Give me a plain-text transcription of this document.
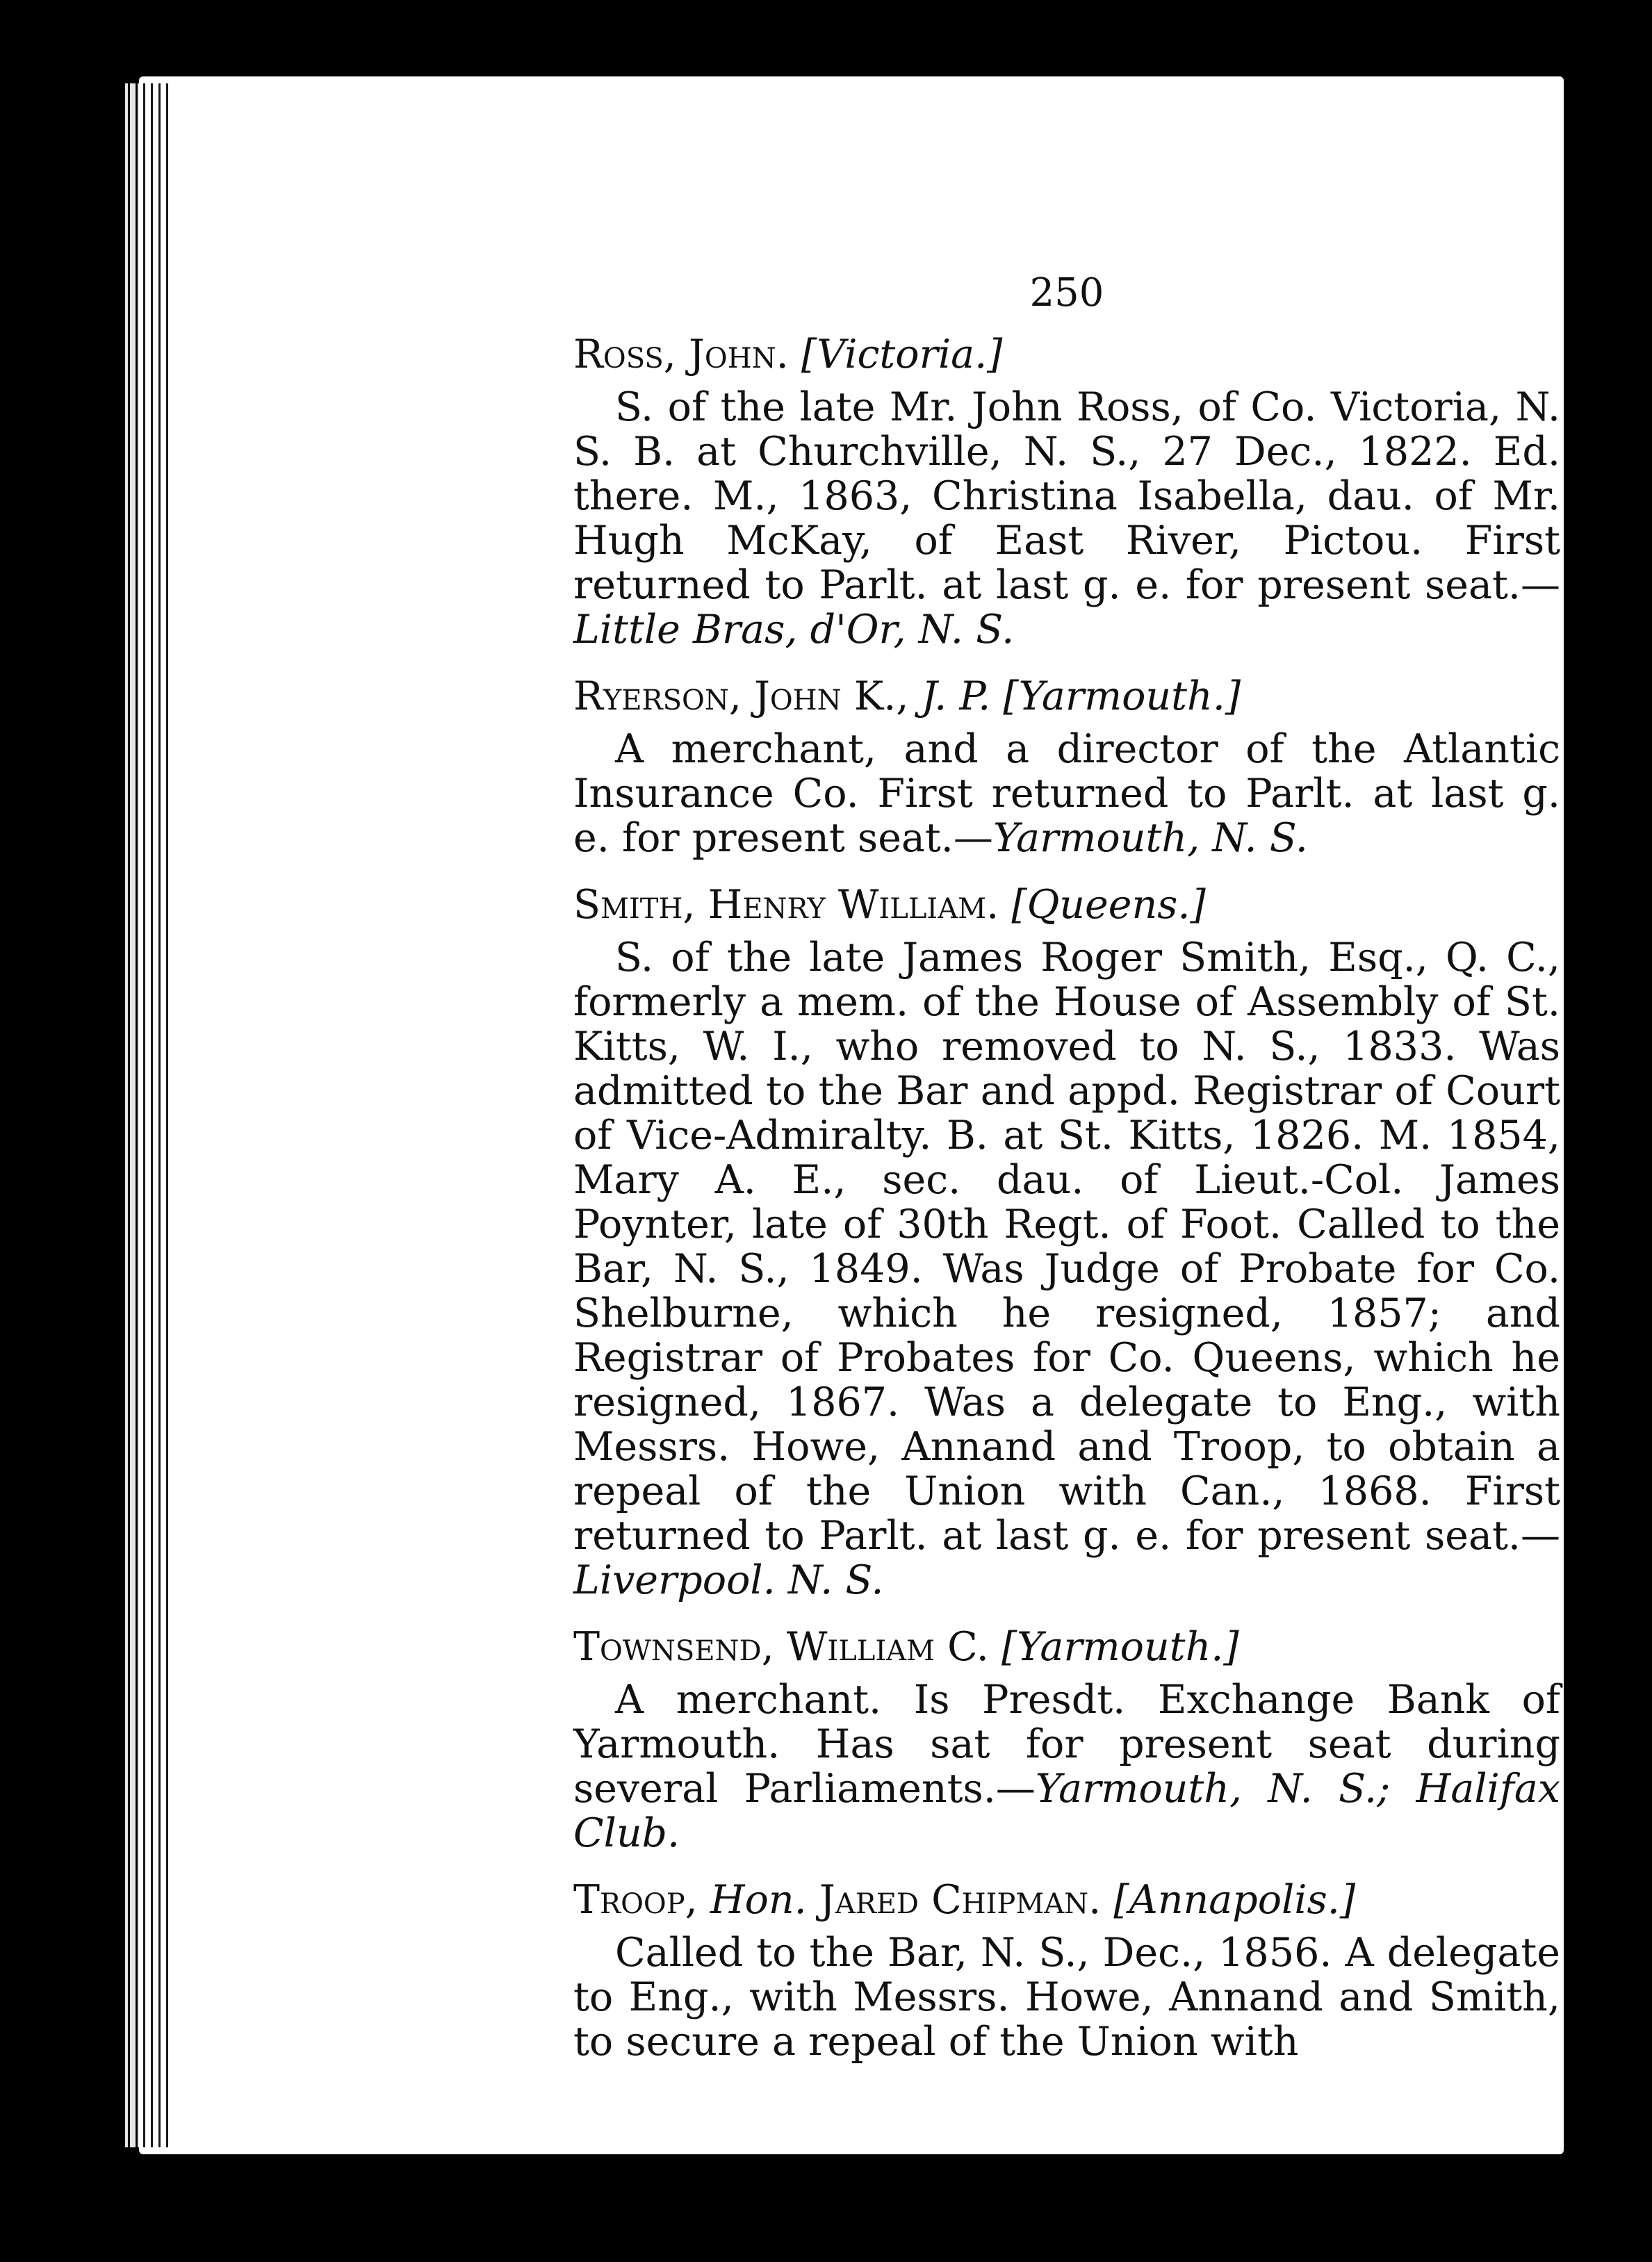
250
Ross, John. [Victoria.]
S. of the late Mr. John Ross, of Co. Victoria, N. S. B. at Churchville, N. S., 27 Dec., 1822. Ed. there. M., 1863, Christina Isabella, dau. of Mr. Hugh McKay, of East River, Pictou. First returned to Parlt. at last g. e. for present seat.—Little Bras, d'Or, N. S.
Ryerson, John K., J. P. [Yarmouth.]
A merchant, and a director of the Atlantic Insurance Co. First returned to Parlt. at last g. e. for present seat.—Yarmouth, N. S.
Smith, Henry William. [Queens.]
S. of the late James Roger Smith, Esq., Q. C., formerly a mem. of the House of Assembly of St. Kitts, W. I., who removed to N. S., 1833. Was admitted to the Bar and appd. Registrar of Court of Vice-Admiralty. B. at St. Kitts, 1826. M. 1854, Mary A. E., sec. dau. of Lieut.-Col. James Poynter, late of 30th Regt. of Foot. Called to the Bar, N. S., 1849. Was Judge of Probate for Co. Shelburne, which he resigned, 1857; and Registrar of Probates for Co. Queens, which he resigned, 1867. Was a delegate to Eng., with Messrs. Howe, Annand and Troop, to obtain a repeal of the Union with Can., 1868. First returned to Parlt. at last g. e. for present seat.—Liverpool. N. S.
Townsend, William C. [Yarmouth.]
A merchant. Is Presdt. Exchange Bank of Yarmouth. Has sat for present seat during several Parliaments.—Yarmouth, N. S.; Halifax Club.
Troop, Hon. Jared Chipman. [Annapolis.]
Called to the Bar, N. S., Dec., 1856. A delegate to Eng., with Messrs. Howe, Annand and Smith, to secure a repeal of the Union with
